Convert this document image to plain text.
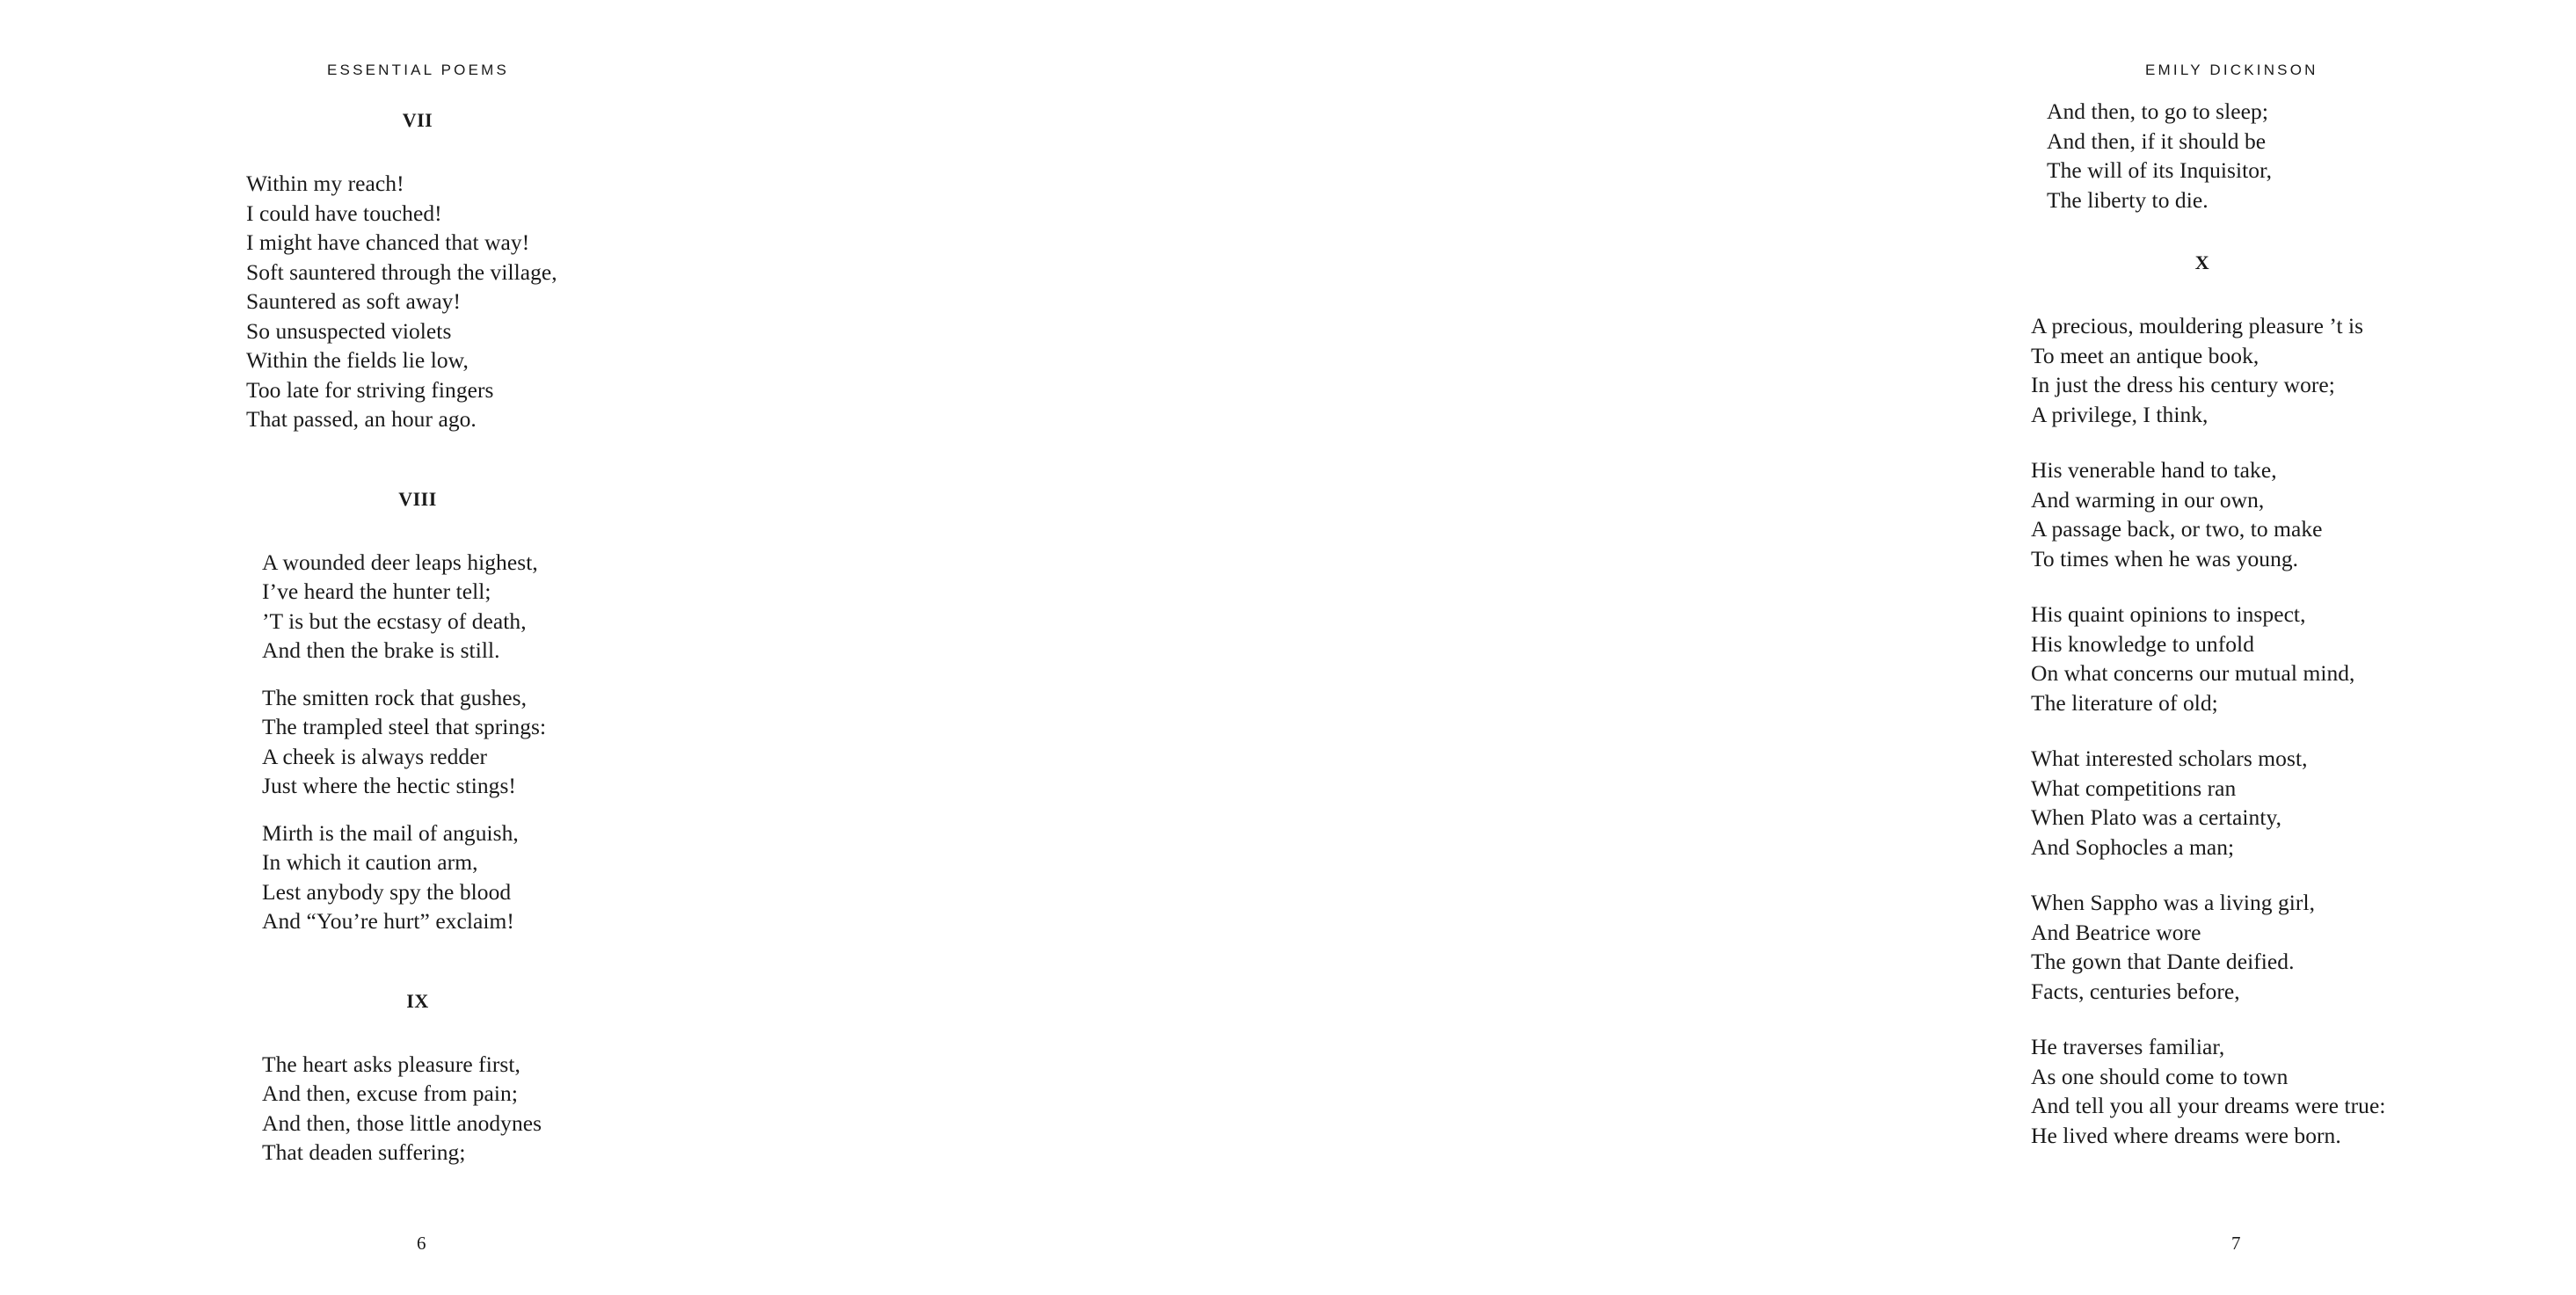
ESSENTIAL POEMS
VII
Within my reach!
I could have touched!
I might have chanced that way!
Soft sauntered through the village,
Sauntered as soft away!
So unsuspected violets
Within the fields lie low,
Too late for striving fingers
That passed, an hour ago.
VIII
A wounded deer leaps highest,
I’ve heard the hunter tell;
’T is but the ecstasy of death,
And then the brake is still.
The smitten rock that gushes,
The trampled steel that springs:
A cheek is always redder
Just where the hectic stings!
Mirth is the mail of anguish,
In which it caution arm,
Lest anybody spy the blood
And “You’re hurt” exclaim!
IX
The heart asks pleasure first,
And then, excuse from pain;
And then, those little anodynes
That deaden suffering;
6
EMILY DICKINSON
And then, to go to sleep;
And then, if it should be
The will of its Inquisitor,
The liberty to die.
X
A precious, mouldering pleasure ’t is
To meet an antique book,
In just the dress his century wore;
A privilege, I think,
His venerable hand to take,
And warming in our own,
A passage back, or two, to make
To times when he was young.
His quaint opinions to inspect,
His knowledge to unfold
On what concerns our mutual mind,
The literature of old;
What interested scholars most,
What competitions ran
When Plato was a certainty,
And Sophocles a man;
When Sappho was a living girl,
And Beatrice wore
The gown that Dante deified.
Facts, centuries before,
He traverses familiar,
As one should come to town
And tell you all your dreams were true:
He lived where dreams were born.
7
